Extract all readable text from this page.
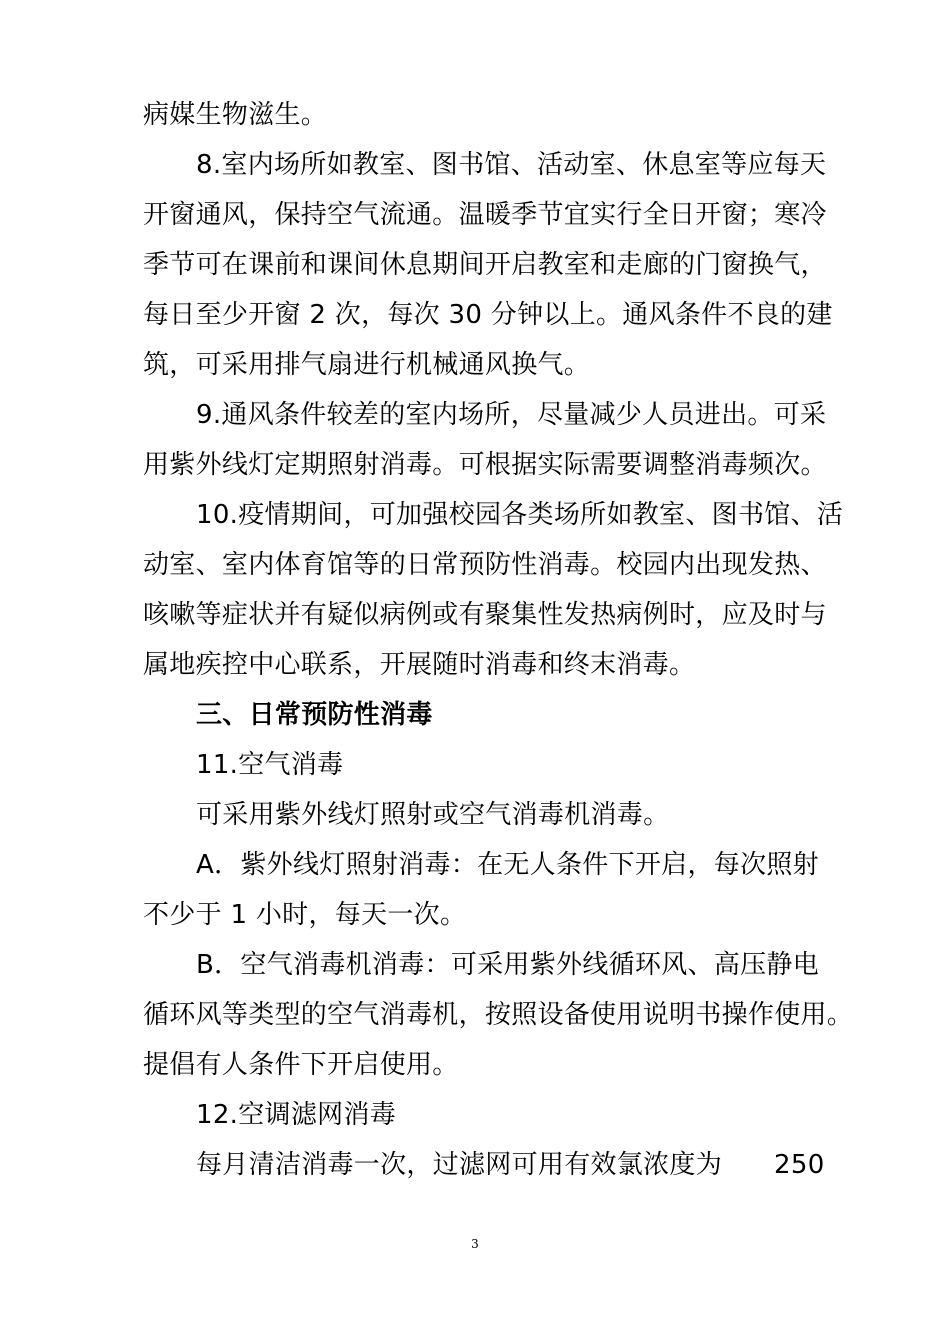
病媒生物滋生。
8.室内场所如教室、图书馆、活动室、休息室等应每天
开窗通风，保持空气流通。温暖季节宜实行全日开窗；寒冷
季节可在课前和课间休息期间开启教室和走廊的门窗换气，
每日至少开窗 2 次，每次 30 分钟以上。通风条件不良的建
筑，可采用排气扇进行机械通风换气。
9.通风条件较差的室内场所，尽量减少人员进出。可采
用紫外线灯定期照射消毒。可根据实际需要调整消毒频次。
10.疫情期间，可加强校园各类场所如教室、图书馆、活
动室、室内体育馆等的日常预防性消毒。校园内出现发热、
咳嗽等症状并有疑似病例或有聚集性发热病例时，应及时与
属地疾控中心联系，开展随时消毒和终末消毒。
三、日常预防性消毒
11.空气消毒
可采用紫外线灯照射或空气消毒机消毒。
A．紫外线灯照射消毒：在无人条件下开启，每次照射
不少于 1 小时，每天一次。
B．空气消毒机消毒：可采用紫外线循环风、高压静电
循环风等类型的空气消毒机，按照设备使用说明书操作使用。
提倡有人条件下开启使用。
12.空调滤网消毒
每月清洁消毒一次，过滤网可用有效氯浓度为 250
3
